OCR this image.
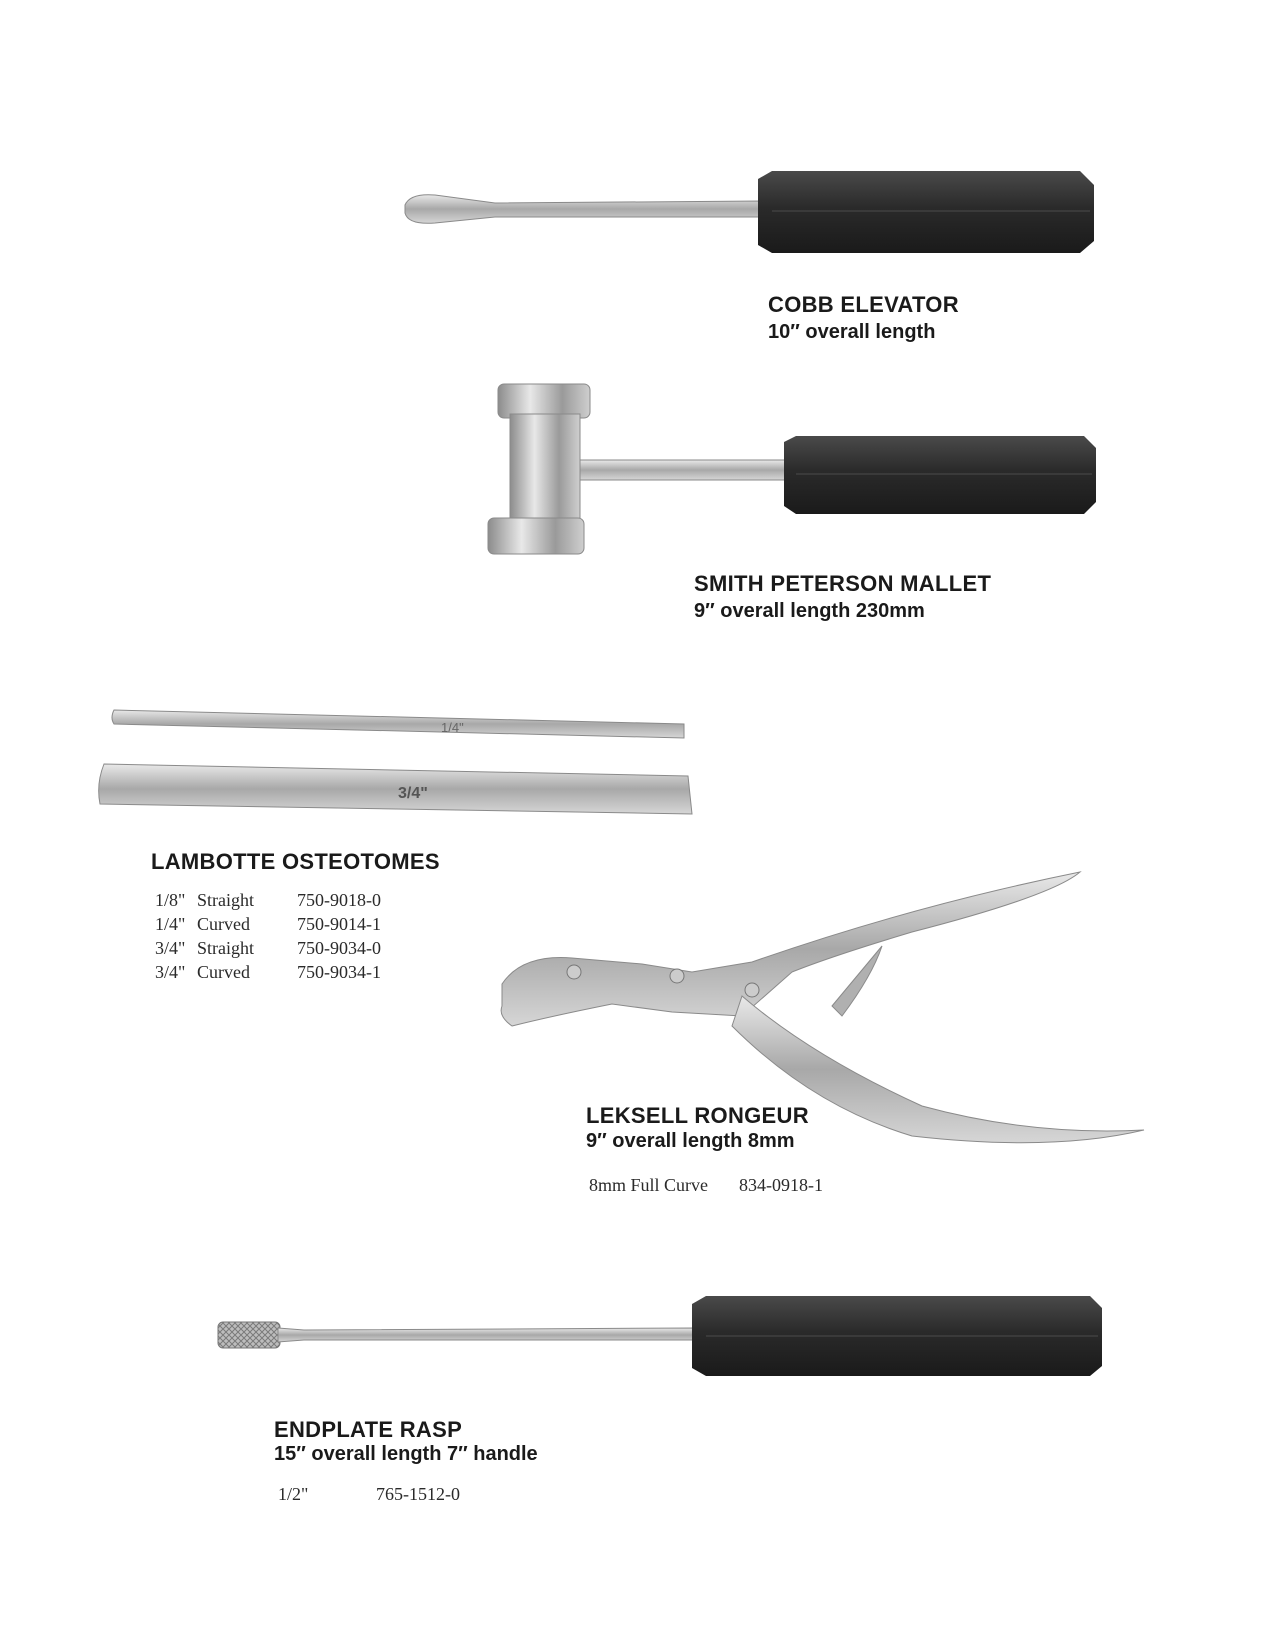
COBB ELEVATOR
10″ overall length
SMITH PETERSON MALLET
9″ overall length 230mm
1/4"
3/4"
LAMBOTTE OSTEOTOMES
1/8" Straight 750-9018-0
1/4" Curved	750-9014-1
3/4" Straight 750-9034-0
3/4" Curved	750-9034-1
LEKSELL RONGEUR
9″ overall length 8mm
8mm Full Curve 834-0918-1
ENDPLATE RASP
15″ overall length 7″ handle
1/2"	765-1512-0
